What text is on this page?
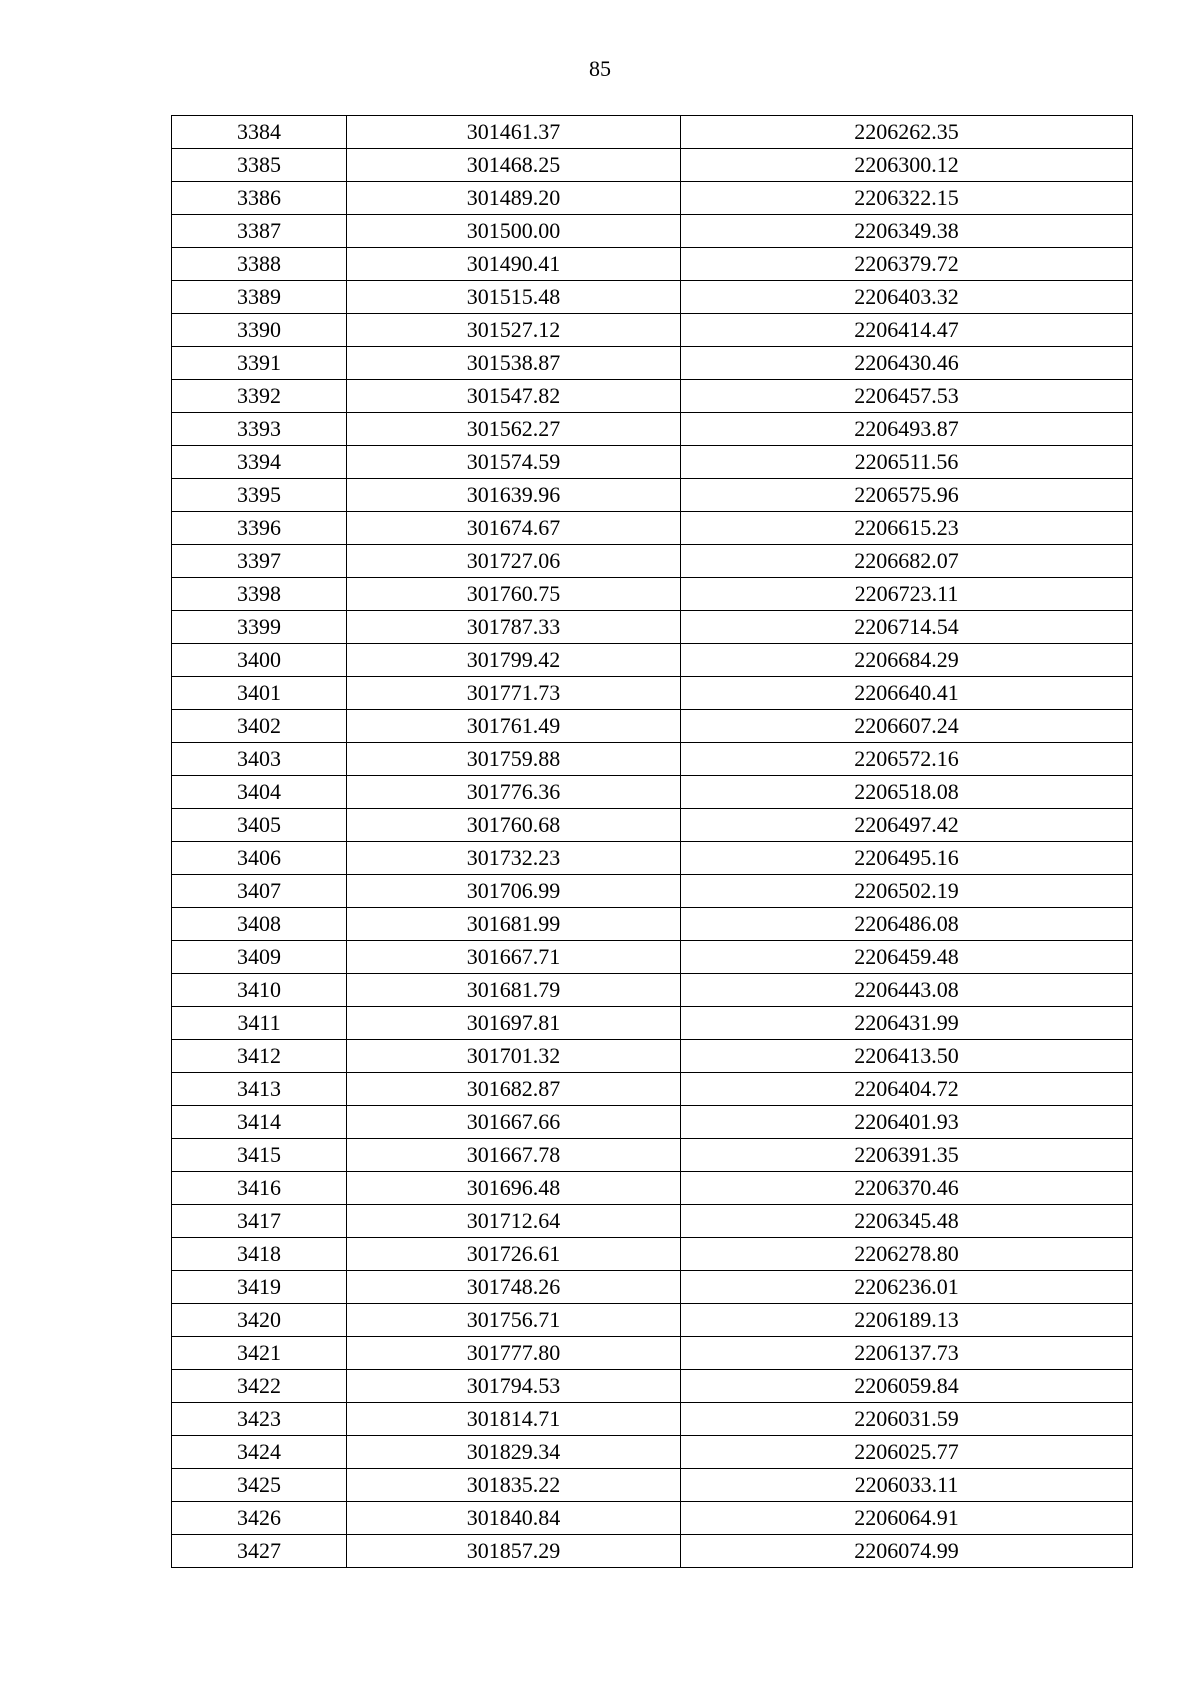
85
3384	301461.37	2206262.35
3385	301468.25	2206300.12
3386	301489.20	2206322.15
3387	301500.00	2206349.38
3388	301490.41	2206379.72
3389	301515.48	2206403.32
3390	301527.12	2206414.47
3391	301538.87	2206430.46
3392	301547.82	2206457.53
3393	301562.27	2206493.87
3394	301574.59	2206511.56
3395	301639.96	2206575.96
3396	301674.67	2206615.23
3397	301727.06	2206682.07
3398	301760.75	2206723.11
3399	301787.33	2206714.54
3400	301799.42	2206684.29
3401	301771.73	2206640.41
3402	301761.49	2206607.24
3403	301759.88	2206572.16
3404	301776.36	2206518.08
3405	301760.68	2206497.42
3406	301732.23	2206495.16
3407	301706.99	2206502.19
3408	301681.99	2206486.08
3409	301667.71	2206459.48
3410	301681.79	2206443.08
3411	301697.81	2206431.99
3412	301701.32	2206413.50
3413	301682.87	2206404.72
3414	301667.66	2206401.93
3415	301667.78	2206391.35
3416	301696.48	2206370.46
3417	301712.64	2206345.48
3418	301726.61	2206278.80
3419	301748.26	2206236.01
3420	301756.71	2206189.13
3421	301777.80	2206137.73
3422	301794.53	2206059.84
3423	301814.71	2206031.59
3424	301829.34	2206025.77
3425	301835.22	2206033.11
3426	301840.84	2206064.91
3427	301857.29	2206074.99
